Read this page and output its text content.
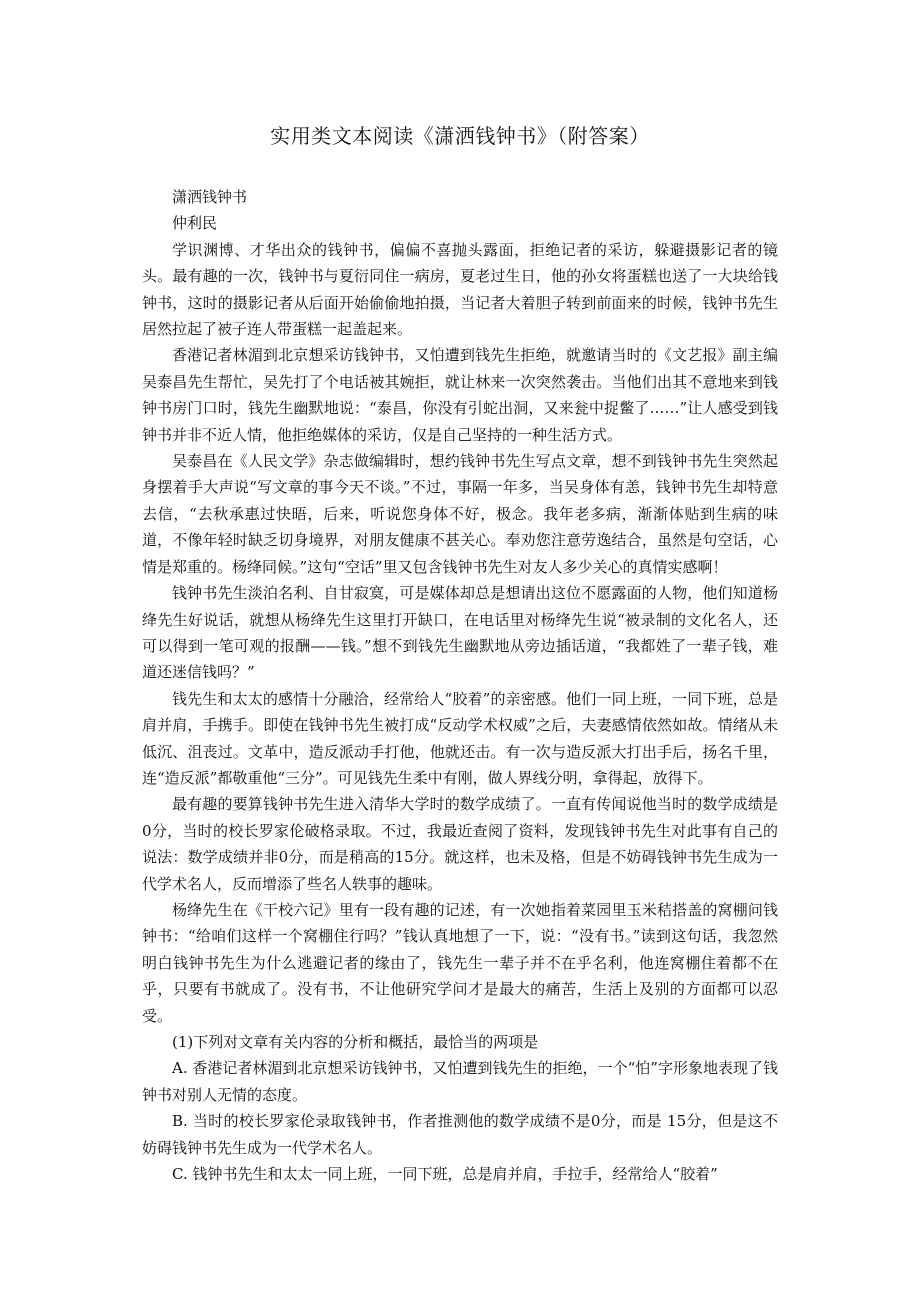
实用类文本阅读《潇洒钱钟书》（附答案）

潇洒钱钟书

仲利民

学识渊博、才华出众的钱钟书，偏偏不喜抛头露面，拒绝记者的采访，躲避摄影记者的镜头。最有趣的一次，钱钟书与夏衍同住一病房，夏老过生日，他的孙女将蛋糕也送了一大块给钱钟书，这时的摄影记者从后面开始偷偷地拍摄，当记者大着胆子转到前面来的时候，钱钟书先生居然拉起了被子连人带蛋糕一起盖起来。

香港记者林湄到北京想采访钱钟书，又怕遭到钱先生拒绝，就邀请当时的《文艺报》副主编吴泰昌先生帮忙，吴先打了个电话被其婉拒，就让林来一次突然袭击。当他们出其不意地来到钱钟书房门口时，钱先生幽默地说：“泰昌，你没有引蛇出洞，又来瓮中捉鳖了……”让人感受到钱钟书并非不近人情，他拒绝媒体的采访，仅是自己坚持的一种生活方式。

吴泰昌在《人民文学》杂志做编辑时，想约钱钟书先生写点文章，想不到钱钟书先生突然起身摆着手大声说“写文章的事今天不谈。”不过，事隔一年多，当吴身体有恙，钱钟书先生却特意去信，“去秋承惠过快晤，后来，听说您身体不好，极念。我年老多病，渐渐体贴到生病的味道，不像年轻时缺乏切身境界，对朋友健康不甚关心。奉劝您注意劳逸结合，虽然是句空话，心情是郑重的。杨绛同候。”这句“空话”里又包含钱钟书先生对友人多少关心的真情实感啊！

钱钟书先生淡泊名利、自甘寂寞，可是媒体却总是想请出这位不愿露面的人物，他们知道杨绛先生好说话，就想从杨绛先生这里打开缺口，在电话里对杨绛先生说“被录制的文化名人，还可以得到一笔可观的报酬——钱。”想不到钱先生幽默地从旁边插话道，“我都姓了一辈子钱，难道还迷信钱吗？”

钱先生和太太的感情十分融洽，经常给人“胶着”的亲密感。他们一同上班，一同下班，总是肩并肩，手携手。即使在钱钟书先生被打成“反动学术权威”之后，夫妻感情依然如故。情绪从未低沉、沮丧过。文革中，造反派动手打他，他就还击。有一次与造反派大打出手后，扬名千里，连“造反派”都敬重他“三分”。可见钱先生柔中有刚，做人界线分明，拿得起，放得下。

最有趣的要算钱钟书先生进入清华大学时的数学成绩了。一直有传闻说他当时的数学成绩是0分，当时的校长罗家伦破格录取。不过，我最近查阅了资料，发现钱钟书先生对此事有自己的说法：数学成绩并非0分，而是稍高的15分。就这样，也未及格，但是不妨碍钱钟书先生成为一代学术名人，反而增添了些名人轶事的趣味。

杨绛先生在《干校六记》里有一段有趣的记述，有一次她指着菜园里玉米秸搭盖的窝棚问钱钟书：“给咱们这样一个窝棚住行吗？”钱认真地想了一下，说：“没有书。”读到这句话，我忽然明白钱钟书先生为什么逃避记者的缘由了，钱先生一辈子并不在乎名利，他连窝棚住着都不在乎，只要有书就成了。没有书，不让他研究学问才是最大的痛苦，生活上及别的方面都可以忍受。

(1)下列对文章有关内容的分析和概括，最恰当的两项是

A. 香港记者林湄到北京想采访钱钟书，又怕遭到钱先生的拒绝，一个“怕”字形象地表现了钱钟书对别人无情的态度。

B. 当时的校长罗家伦录取钱钟书，作者推测他的数学成绩不是0分，而是 15分，但是这不妨碍钱钟书先生成为一代学术名人。

C. 钱钟书先生和太太一同上班，一同下班，总是肩并肩，手拉手，经常给人“胶着”
